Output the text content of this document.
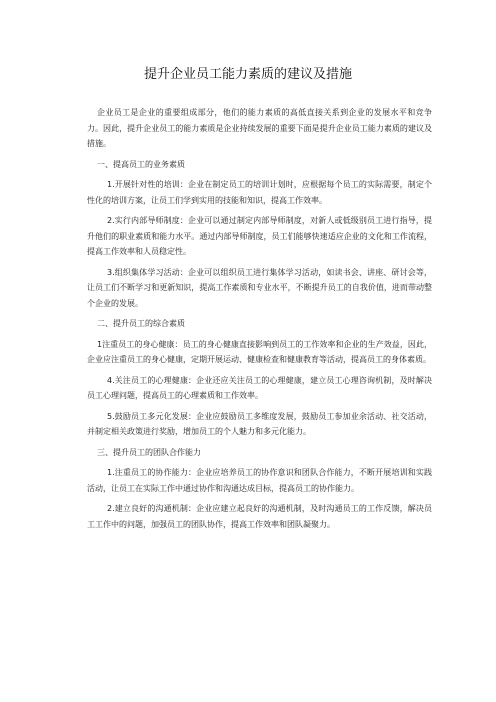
提升企业员工能力素质的建议及措施

企业员工是企业的重要组成部分，他们的能力素质的高低直接关系到企业的发展水平和竞争力。因此，提升企业员工的能力素质是企业持续发展的重要下面是提升企业员工能力素质的建议及措施。

一、提高员工的业务素质

1.开展针对性的培训：企业在制定员工的培训计划时，应根据每个员工的实际需要，制定个性化的培训方案，让员工们学到实用的技能和知识，提高工作效率。

2.实行内部导师制度：企业可以通过制定内部导师制度，对新人或低级别员工进行指导，提升他们的职业素质和能力水平。通过内部导师制度，员工们能够快速适应企业的文化和工作流程，提高工作效率和人员稳定性。

3.组织集体学习活动：企业可以组织员工进行集体学习活动，如读书会、讲座、研讨会等，让员工们不断学习和更新知识，提高工作素质和专业水平，不断提升员工的自我价值，进而带动整个企业的发展。

二、提升员工的综合素质

1注重员工的身心健康：员工的身心健康直接影响到员工的工作效率和企业的生产效益，因此，企业应注重员工的身心健康，定期开展运动、健康检查和健康教育等活动，提高员工的身体素质。

4.关注员工的心理健康：企业还应关注员工的心理健康，建立员工心理咨询机制，及时解决员工心理问题，提高员工的心理素质和工作效率。

5.鼓励员工多元化发展：企业应鼓励员工多维度发展，鼓励员工参加业余活动、社交活动，并制定相关政策进行奖励，增加员工的个人魅力和多元化能力。

三、提升员工的团队合作能力

1.注重员工的协作能力：企业应培养员工的协作意识和团队合作能力，不断开展培训和实践活动，让员工在实际工作中通过协作和沟通达成目标，提高员工的协作能力。

2.建立良好的沟通机制：企业应建立起良好的沟通机制，及时沟通员工的工作反馈，解决员工工作中的问题，加强员工的团队协作，提高工作效率和团队凝聚力。
